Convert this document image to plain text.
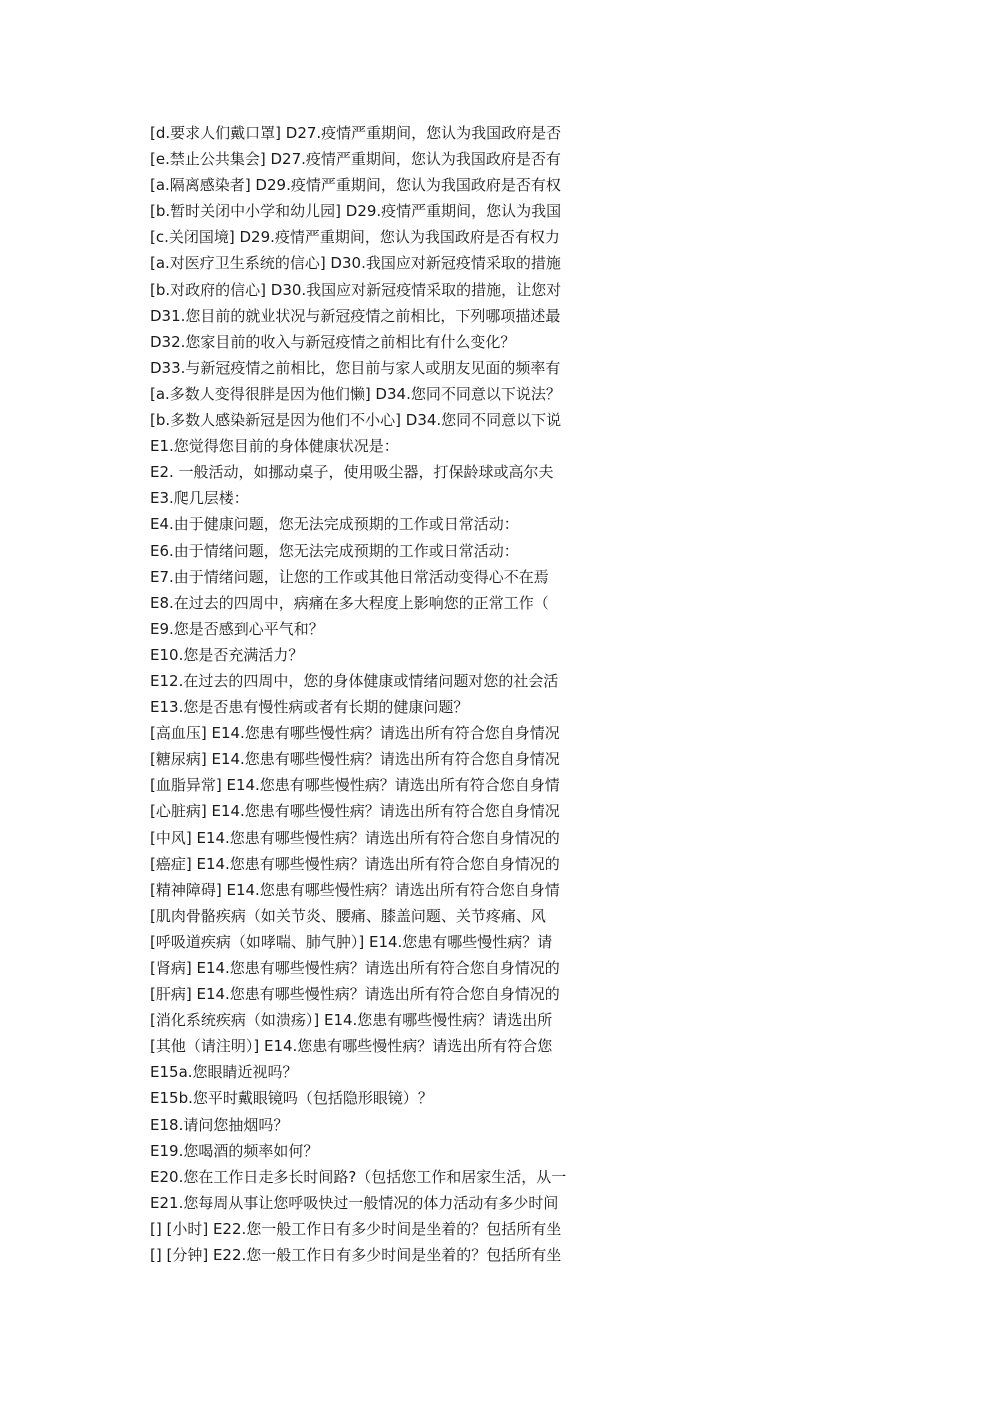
[d.要求人们戴口罩] D27.疫情严重期间，您认为我国政府是否
[e.禁止公共集会] D27.疫情严重期间，您认为我国政府是否有
[a.隔离感染者] D29.疫情严重期间，您认为我国政府是否有权
[b.暂时关闭中小学和幼儿园] D29.疫情严重期间，您认为我国
[c.关闭国境] D29.疫情严重期间，您认为我国政府是否有权力
[a.对医疗卫生系统的信心] D30.我国应对新冠疫情采取的措施
[b.对政府的信心] D30.我国应对新冠疫情采取的措施，让您对
D31.您目前的就业状况与新冠疫情之前相比，下列哪项描述最
D32.您家目前的收入与新冠疫情之前相比有什么变化？
D33.与新冠疫情之前相比，您目前与家人或朋友见面的频率有
[a.多数人变得很胖是因为他们懒] D34.您同不同意以下说法？
[b.多数人感染新冠是因为他们不小心] D34.您同不同意以下说
E1.您觉得您目前的身体健康状况是：
E2. 一般活动，如挪动桌子，使用吸尘器，打保龄球或高尔夫
E3.爬几层楼：
E4.由于健康问题，您无法完成预期的工作或日常活动：
E6.由于情绪问题，您无法完成预期的工作或日常活动：
E7.由于情绪问题，让您的工作或其他日常活动变得心不在焉
E8.在过去的四周中，病痛在多大程度上影响您的正常工作（
E9.您是否感到心平气和？
E10.您是否充满活力？
E12.在过去的四周中，您的身体健康或情绪问题对您的社会活
E13.您是否患有慢性病或者有长期的健康问题？
[高血压] E14.您患有哪些慢性病？请选出所有符合您自身情况
[糖尿病] E14.您患有哪些慢性病？请选出所有符合您自身情况
[血脂异常] E14.您患有哪些慢性病？请选出所有符合您自身情
[心脏病] E14.您患有哪些慢性病？请选出所有符合您自身情况
[中风] E14.您患有哪些慢性病？请选出所有符合您自身情况的
[癌症] E14.您患有哪些慢性病？请选出所有符合您自身情况的
[精神障碍] E14.您患有哪些慢性病？请选出所有符合您自身情
[肌肉骨骼疾病（如关节炎、腰痛、膝盖问题、关节疼痛、风
[呼吸道疾病（如哮喘、肺气肿）] E14.您患有哪些慢性病？请
[肾病] E14.您患有哪些慢性病？请选出所有符合您自身情况的
[肝病] E14.您患有哪些慢性病？请选出所有符合您自身情况的
[消化系统疾病（如溃疡）] E14.您患有哪些慢性病？请选出所
[其他（请注明）] E14.您患有哪些慢性病？请选出所有符合您
E15a.您眼睛近视吗？
E15b.您平时戴眼镜吗（包括隐形眼镜）？
E18.请问您抽烟吗？
E19.您喝酒的频率如何？
E20.您在工作日走多长时间路?（包括您工作和居家生活，从一
E21.您每周从事让您呼吸快过一般情况的体力活动有多少时间
[] [小时] E22.您一般工作日有多少时间是坐着的？包括所有坐
[] [分钟] E22.您一般工作日有多少时间是坐着的？包括所有坐
